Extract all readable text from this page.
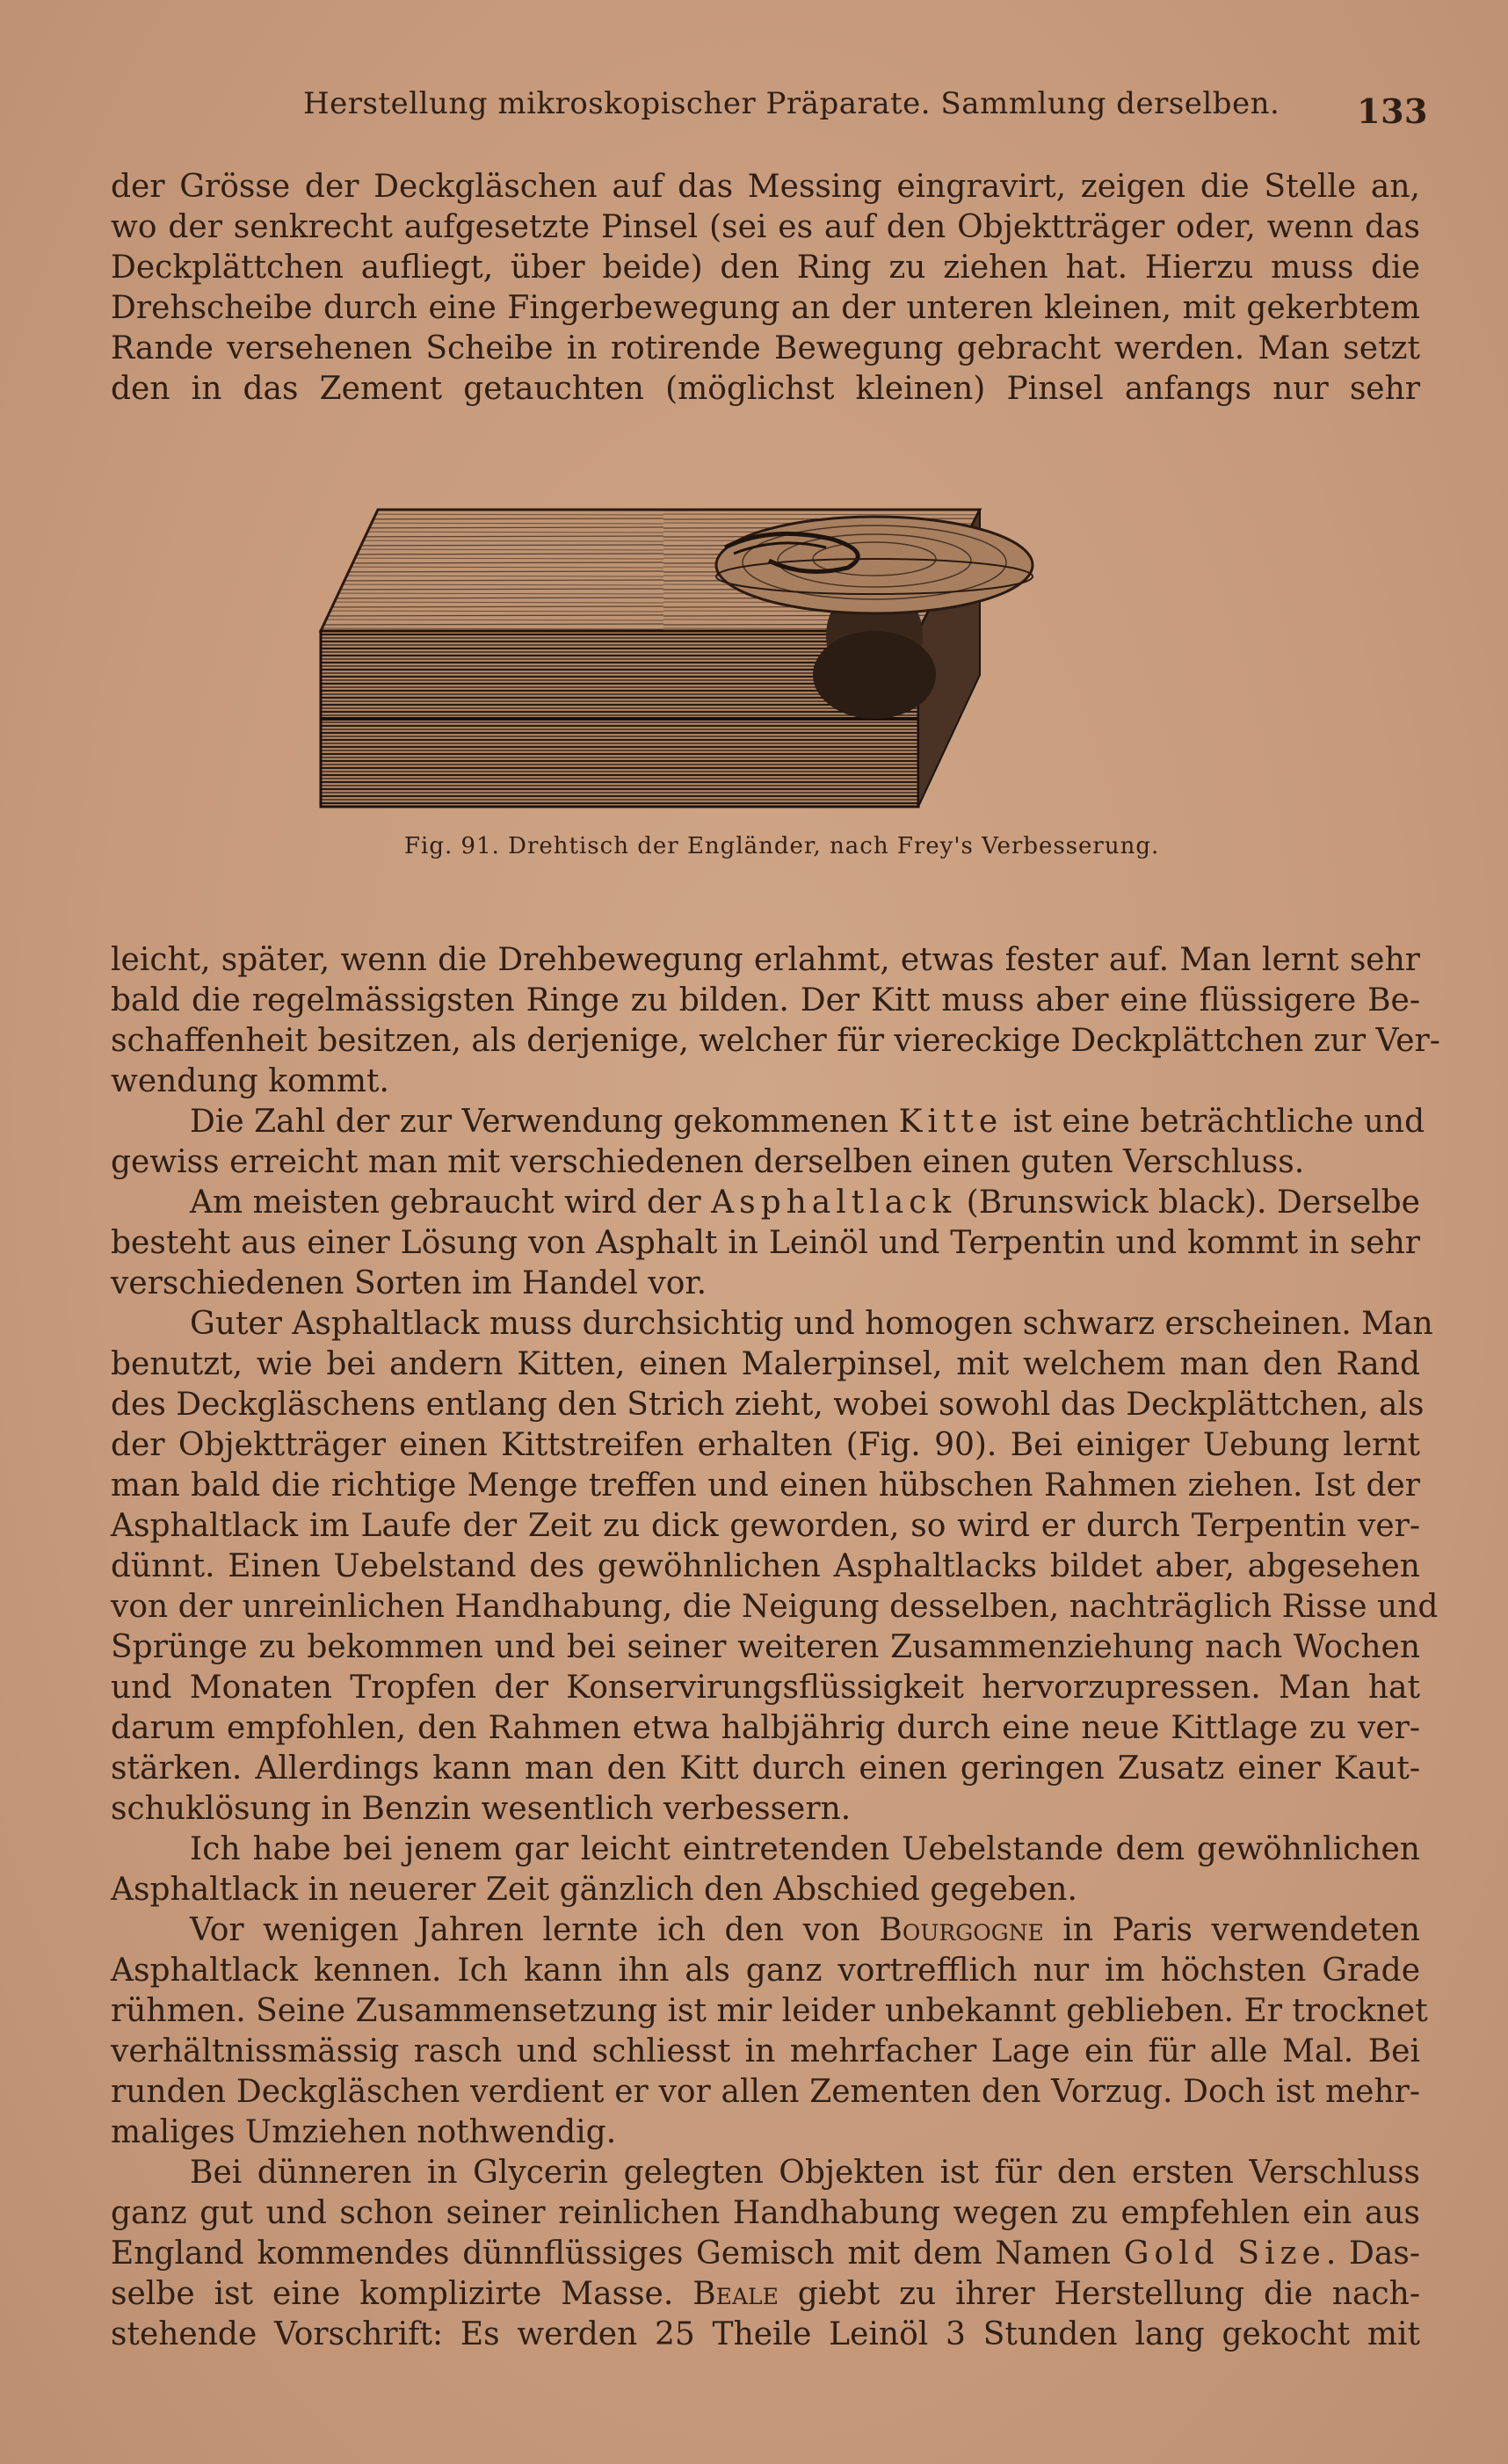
Herstellung mikroskopischer Präparate. Sammlung derselben. 133
der Grösse der Deckgläschen auf das Messing eingravirt, zeigen die Stelle an,
wo der senkrecht aufgesetzte Pinsel (sei es auf den Objektträger oder, wenn das
Deckplättchen aufliegt, über beide) den Ring zu ziehen hat. Hierzu muss die
Drehscheibe durch eine Fingerbewegung an der unteren kleinen, mit gekerbtem
Rande versehenen Scheibe in rotirende Bewegung gebracht werden. Man setzt
den in das Zement getauchten (möglichst kleinen) Pinsel anfangs nur sehr
Fig. 91. Drehtisch der Engländer, nach Frey's Verbesserung.
leicht, später, wenn die Drehbewegung erlahmt, etwas fester auf. Man lernt sehr
bald die regelmässigsten Ringe zu bilden. Der Kitt muss aber eine flüssigere Be-
schaffenheit besitzen, als derjenige, welcher für viereckige Deckplättchen zur Ver-
wendung kommt.
Die Zahl der zur Verwendung gekommenen Kitte ist eine beträchtliche und
gewiss erreicht man mit verschiedenen derselben einen guten Verschluss.
Am meisten gebraucht wird der Asphaltlack (Brunswick black). Derselbe
besteht aus einer Lösung von Asphalt in Leinöl und Terpentin und kommt in sehr
verschiedenen Sorten im Handel vor.
Guter Asphaltlack muss durchsichtig und homogen schwarz erscheinen. Man
benutzt, wie bei andern Kitten, einen Malerpinsel, mit welchem man den Rand
des Deckgläschens entlang den Strich zieht, wobei sowohl das Deckplättchen, als
der Objektträger einen Kittstreifen erhalten (Fig. 90). Bei einiger Uebung lernt
man bald die richtige Menge treffen und einen hübschen Rahmen ziehen. Ist der
Asphaltlack im Laufe der Zeit zu dick geworden, so wird er durch Terpentin ver-
dünnt. Einen Uebelstand des gewöhnlichen Asphaltlacks bildet aber, abgesehen
von der unreinlichen Handhabung, die Neigung desselben, nachträglich Risse und
Sprünge zu bekommen und bei seiner weiteren Zusammenziehung nach Wochen
und Monaten Tropfen der Konservirungsflüssigkeit hervorzupressen. Man hat
darum empfohlen, den Rahmen etwa halbjährig durch eine neue Kittlage zu ver-
stärken. Allerdings kann man den Kitt durch einen geringen Zusatz einer Kaut-
schuklösung in Benzin wesentlich verbessern.
Ich habe bei jenem gar leicht eintretenden Uebelstande dem gewöhnlichen
Asphaltlack in neuerer Zeit gänzlich den Abschied gegeben.
Vor wenigen Jahren lernte ich den von Bourgogne in Paris verwendeten
Asphaltlack kennen. Ich kann ihn als ganz vortrefflich nur im höchsten Grade
rühmen. Seine Zusammensetzung ist mir leider unbekannt geblieben. Er trocknet
verhältnissmässig rasch und schliesst in mehrfacher Lage ein für alle Mal. Bei
runden Deckgläschen verdient er vor allen Zementen den Vorzug. Doch ist mehr-
maliges Umziehen nothwendig.
Bei dünneren in Glycerin gelegten Objekten ist für den ersten Verschluss
ganz gut und schon seiner reinlichen Handhabung wegen zu empfehlen ein aus
England kommendes dünnflüssiges Gemisch mit dem Namen Gold Size. Das-
selbe ist eine komplizirte Masse. Beale giebt zu ihrer Herstellung die nach-
stehende Vorschrift: Es werden 25 Theile Leinöl 3 Stunden lang gekocht mit
